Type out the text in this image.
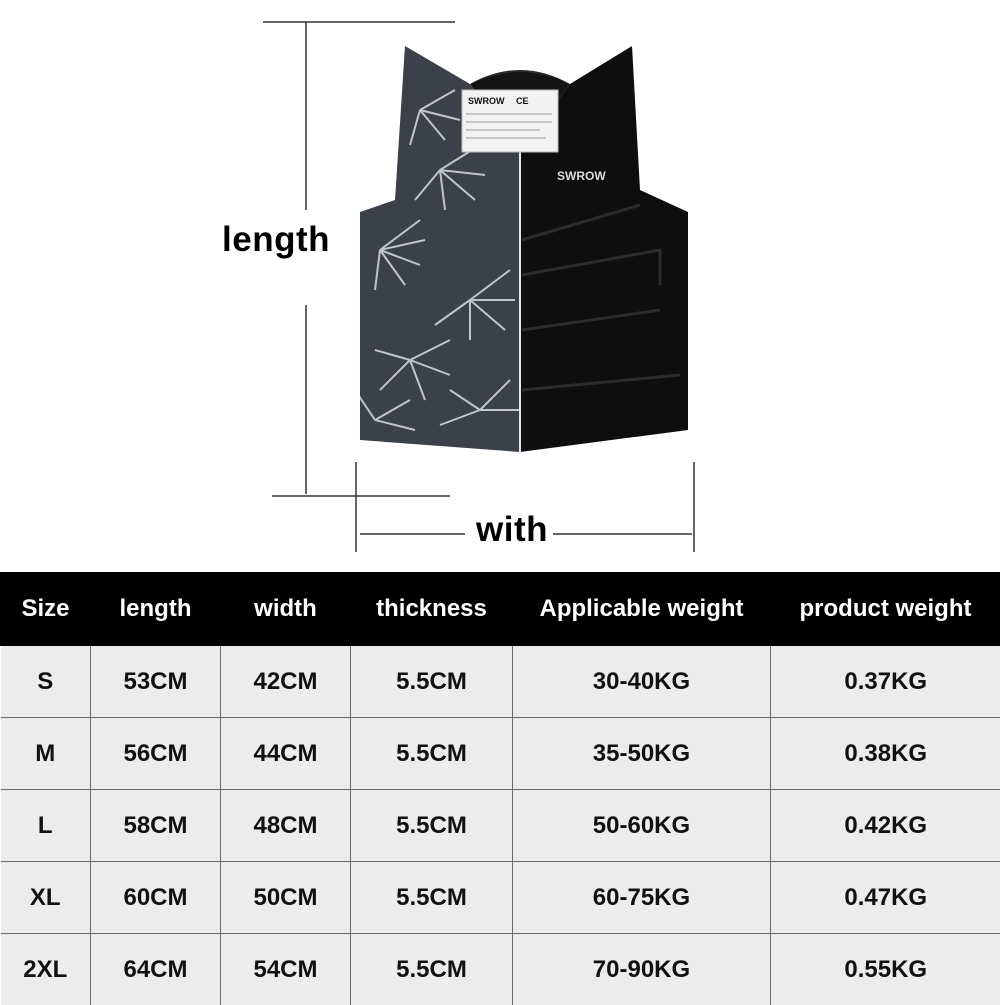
SWROW CE
SWROW
length
with
Size	length	width	thickness	Applicable weight	product weight
S	53CM	42CM	5.5CM	30-40KG	0.37KG
M	56CM	44CM	5.5CM	35-50KG	0.38KG
L	58CM	48CM	5.5CM	50-60KG	0.42KG
XL	60CM	50CM	5.5CM	60-75KG	0.47KG
2XL	64CM	54CM	5.5CM	70-90KG	0.55KG
